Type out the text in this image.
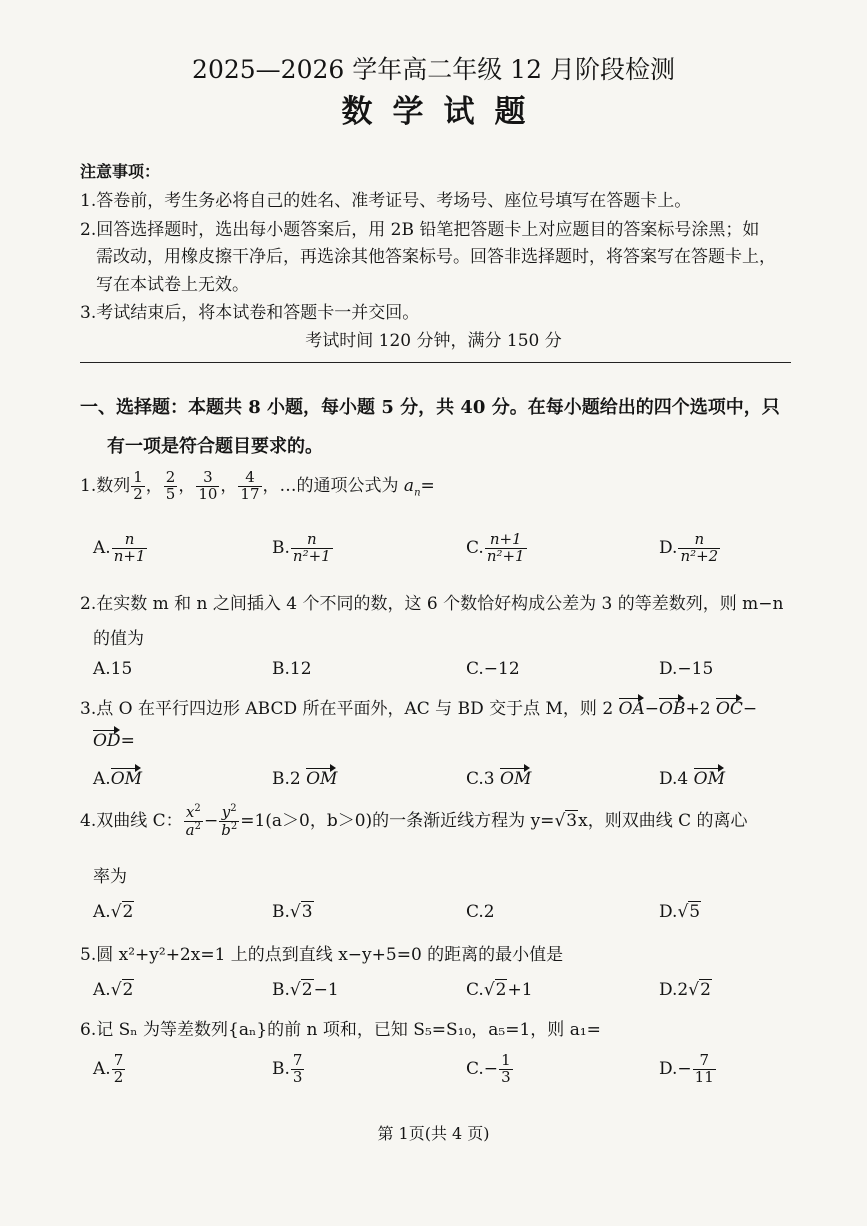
2025—2026 学年高二年级 12 月阶段检测
数学试题
注意事项：
1.答卷前，考生务必将自己的姓名、准考证号、考场号、座位号填写在答题卡上。
2.回答选择题时，选出每小题答案后，用 2B 铅笔把答题卡上对应题目的答案标号涂黑；如
需改动，用橡皮擦干净后，再选涂其他答案标号。回答非选择题时，将答案写在答题卡上，
写在本试卷上无效。
3.考试结束后，将本试卷和答题卡一并交回。
考试时间 120 分钟，满分 150 分
一、选择题：本题共 8 小题，每小题 5 分，共 40 分。在每小题给出的四个选项中，只
有一项是符合题目要求的。
1.数列 $\frac{1}{2}$ ， $\frac{2}{5}$ ， $\frac{3}{10}$ ， $\frac{4}{17}$ ，…的通项公式为 $a_n=$
A. $\frac{n}{n+1}$	B. $\frac{n}{\text{n²+1}}$	C. $\frac{n+1}{\text{n²+1}}$	D. $\frac{n}{\text{n²+2}}$
2.在实数 m 和 n 之间插入 4 个不同的数，这 6 个数恰好构成公差为 3 的等差数列，则 m−n
的值为
A.15	B.12	C.−12	D.−15
3.点 O 在平行四边形 ABCD 所在平面外，AC 与 BD 交于点 M，则 2 OA−OB+2 OC−
OD=
A.OM	B.2 OM	C.3 OM	D.4 OM
4.双曲线 C： $\frac{x^2}{a^2} - \frac{y^2}{b^2} =1(a>0$，b＞0)的一条渐近线方程为 y=√3x，则双曲线 C 的离心
率为
A.√2	B.√3	C.2	D.√5
5.圆 x²+y²+2x=1 上的点到直线 x−y+5=0 的距离的最小值是
A.√2	B.√2−1	C.√2+1	D.2√2
6.记 Sₙ 为等差数列{aₙ}的前 n 项和，已知 S₅=S₁₀，a₅=1，则 a₁=
A. $\frac{7}{2}$	B. $\frac{7}{3}$	$C.- \frac{1}{3}$	$D.- \frac{7}{11}$
第 1页(共 4 页)
